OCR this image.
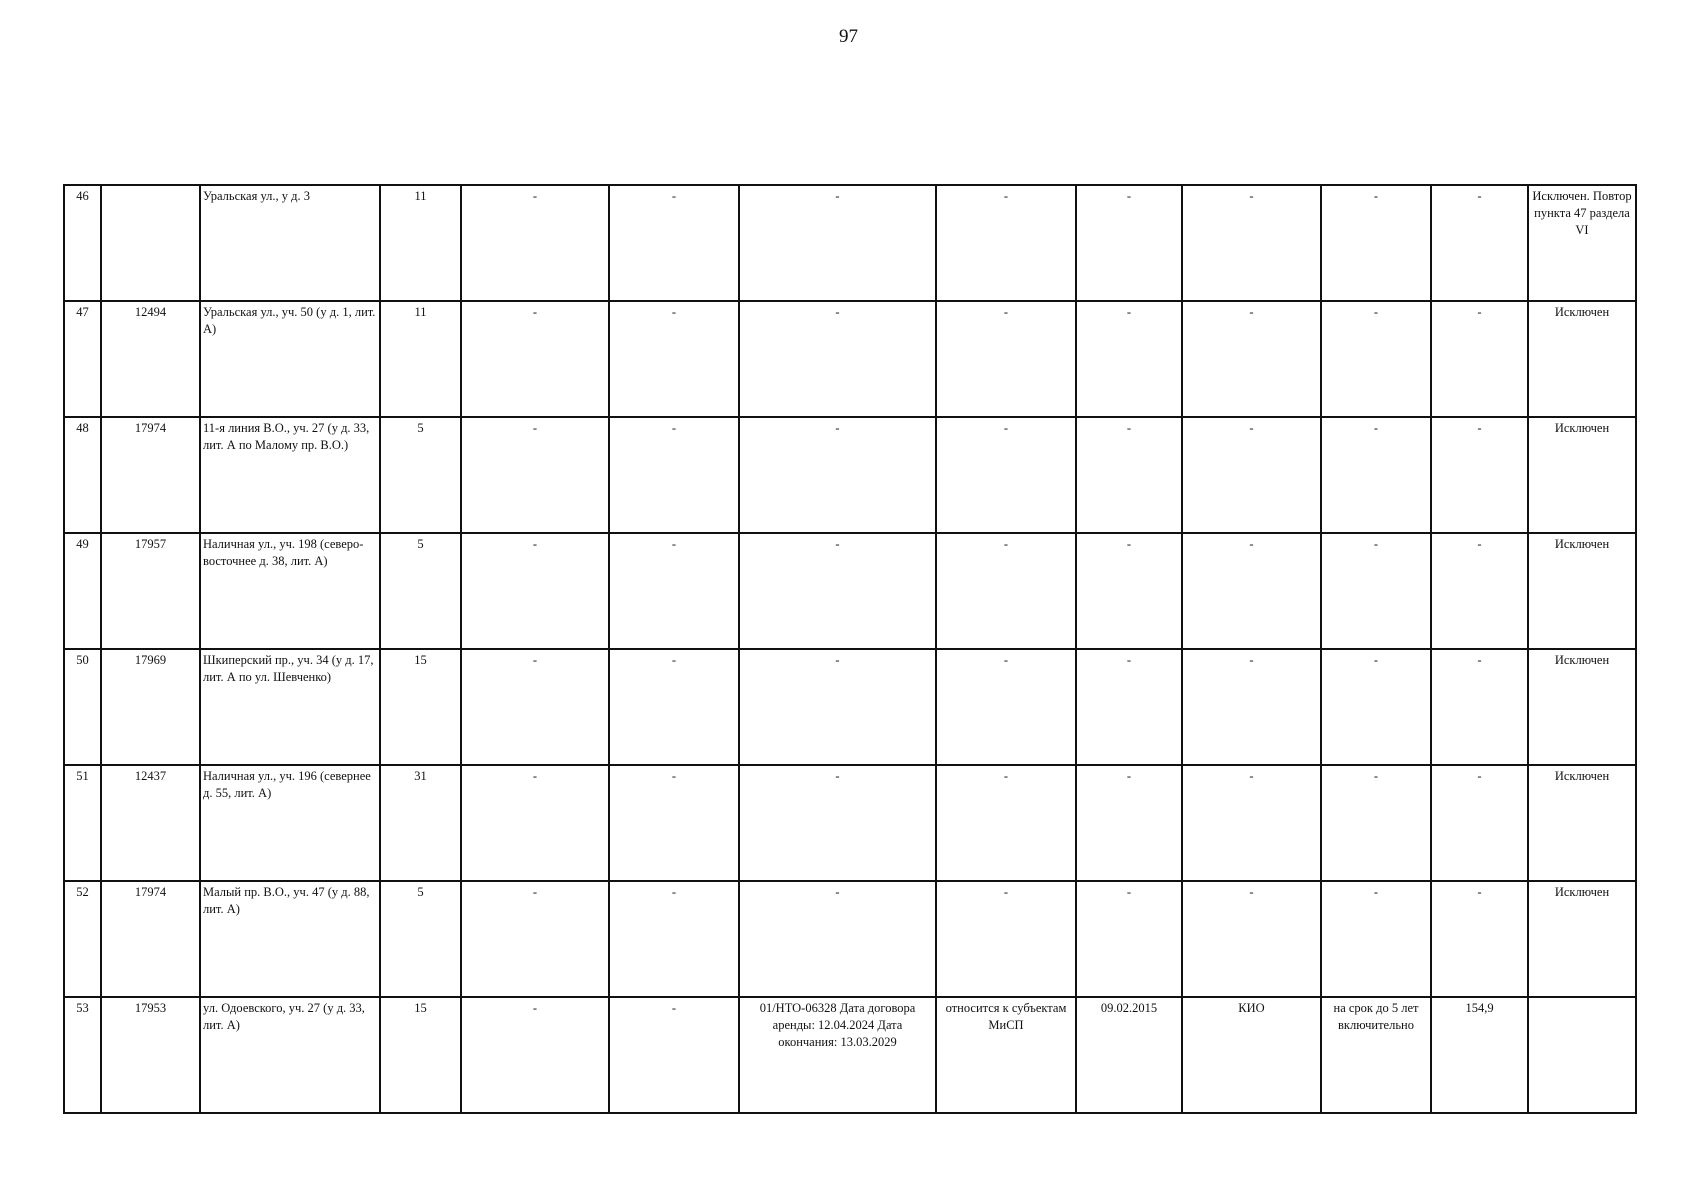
97
46		Уральская ул., у д. 3	11	-	-	-	-	-	-	-	-	Исключен. Повтор пункта 47 раздела VI
47	12494	Уральская ул., уч. 50 (у д. 1, лит. А)	11	-	-	-	-	-	-	-	-	Исключен
48	17974	11-я линия В.О., уч. 27 (у д. 33, лит. А по Малому пр. В.О.)	5	-	-	-	-	-	-	-	-	Исключен
49	17957	Наличная ул., уч. 198 (северо-восточнее д. 38, лит. А)	5	-	-	-	-	-	-	-	-	Исключен
50	17969	Шкиперский пр., уч. 34 (у д. 17, лит. А по ул. Шевченко)	15	-	-	-	-	-	-	-	-	Исключен
51	12437	Наличная ул., уч. 196 (севернее д. 55, лит. А)	31	-	-	-	-	-	-	-	-	Исключен
52	17974	Малый пр. В.О., уч. 47 (у д. 88, лит. А)	5	-	-	-	-	-	-	-	-	Исключен
53	17953	ул. Одоевского, уч. 27 (у д. 33, лит. А)	15	-	-	01/НТО-06328 Дата договора аренды: 12.04.2024 Дата окончания: 13.03.2029	относится к субъектам МиСП	09.02.2015	КИО	на срок до 5 лет включительно	154,9	
